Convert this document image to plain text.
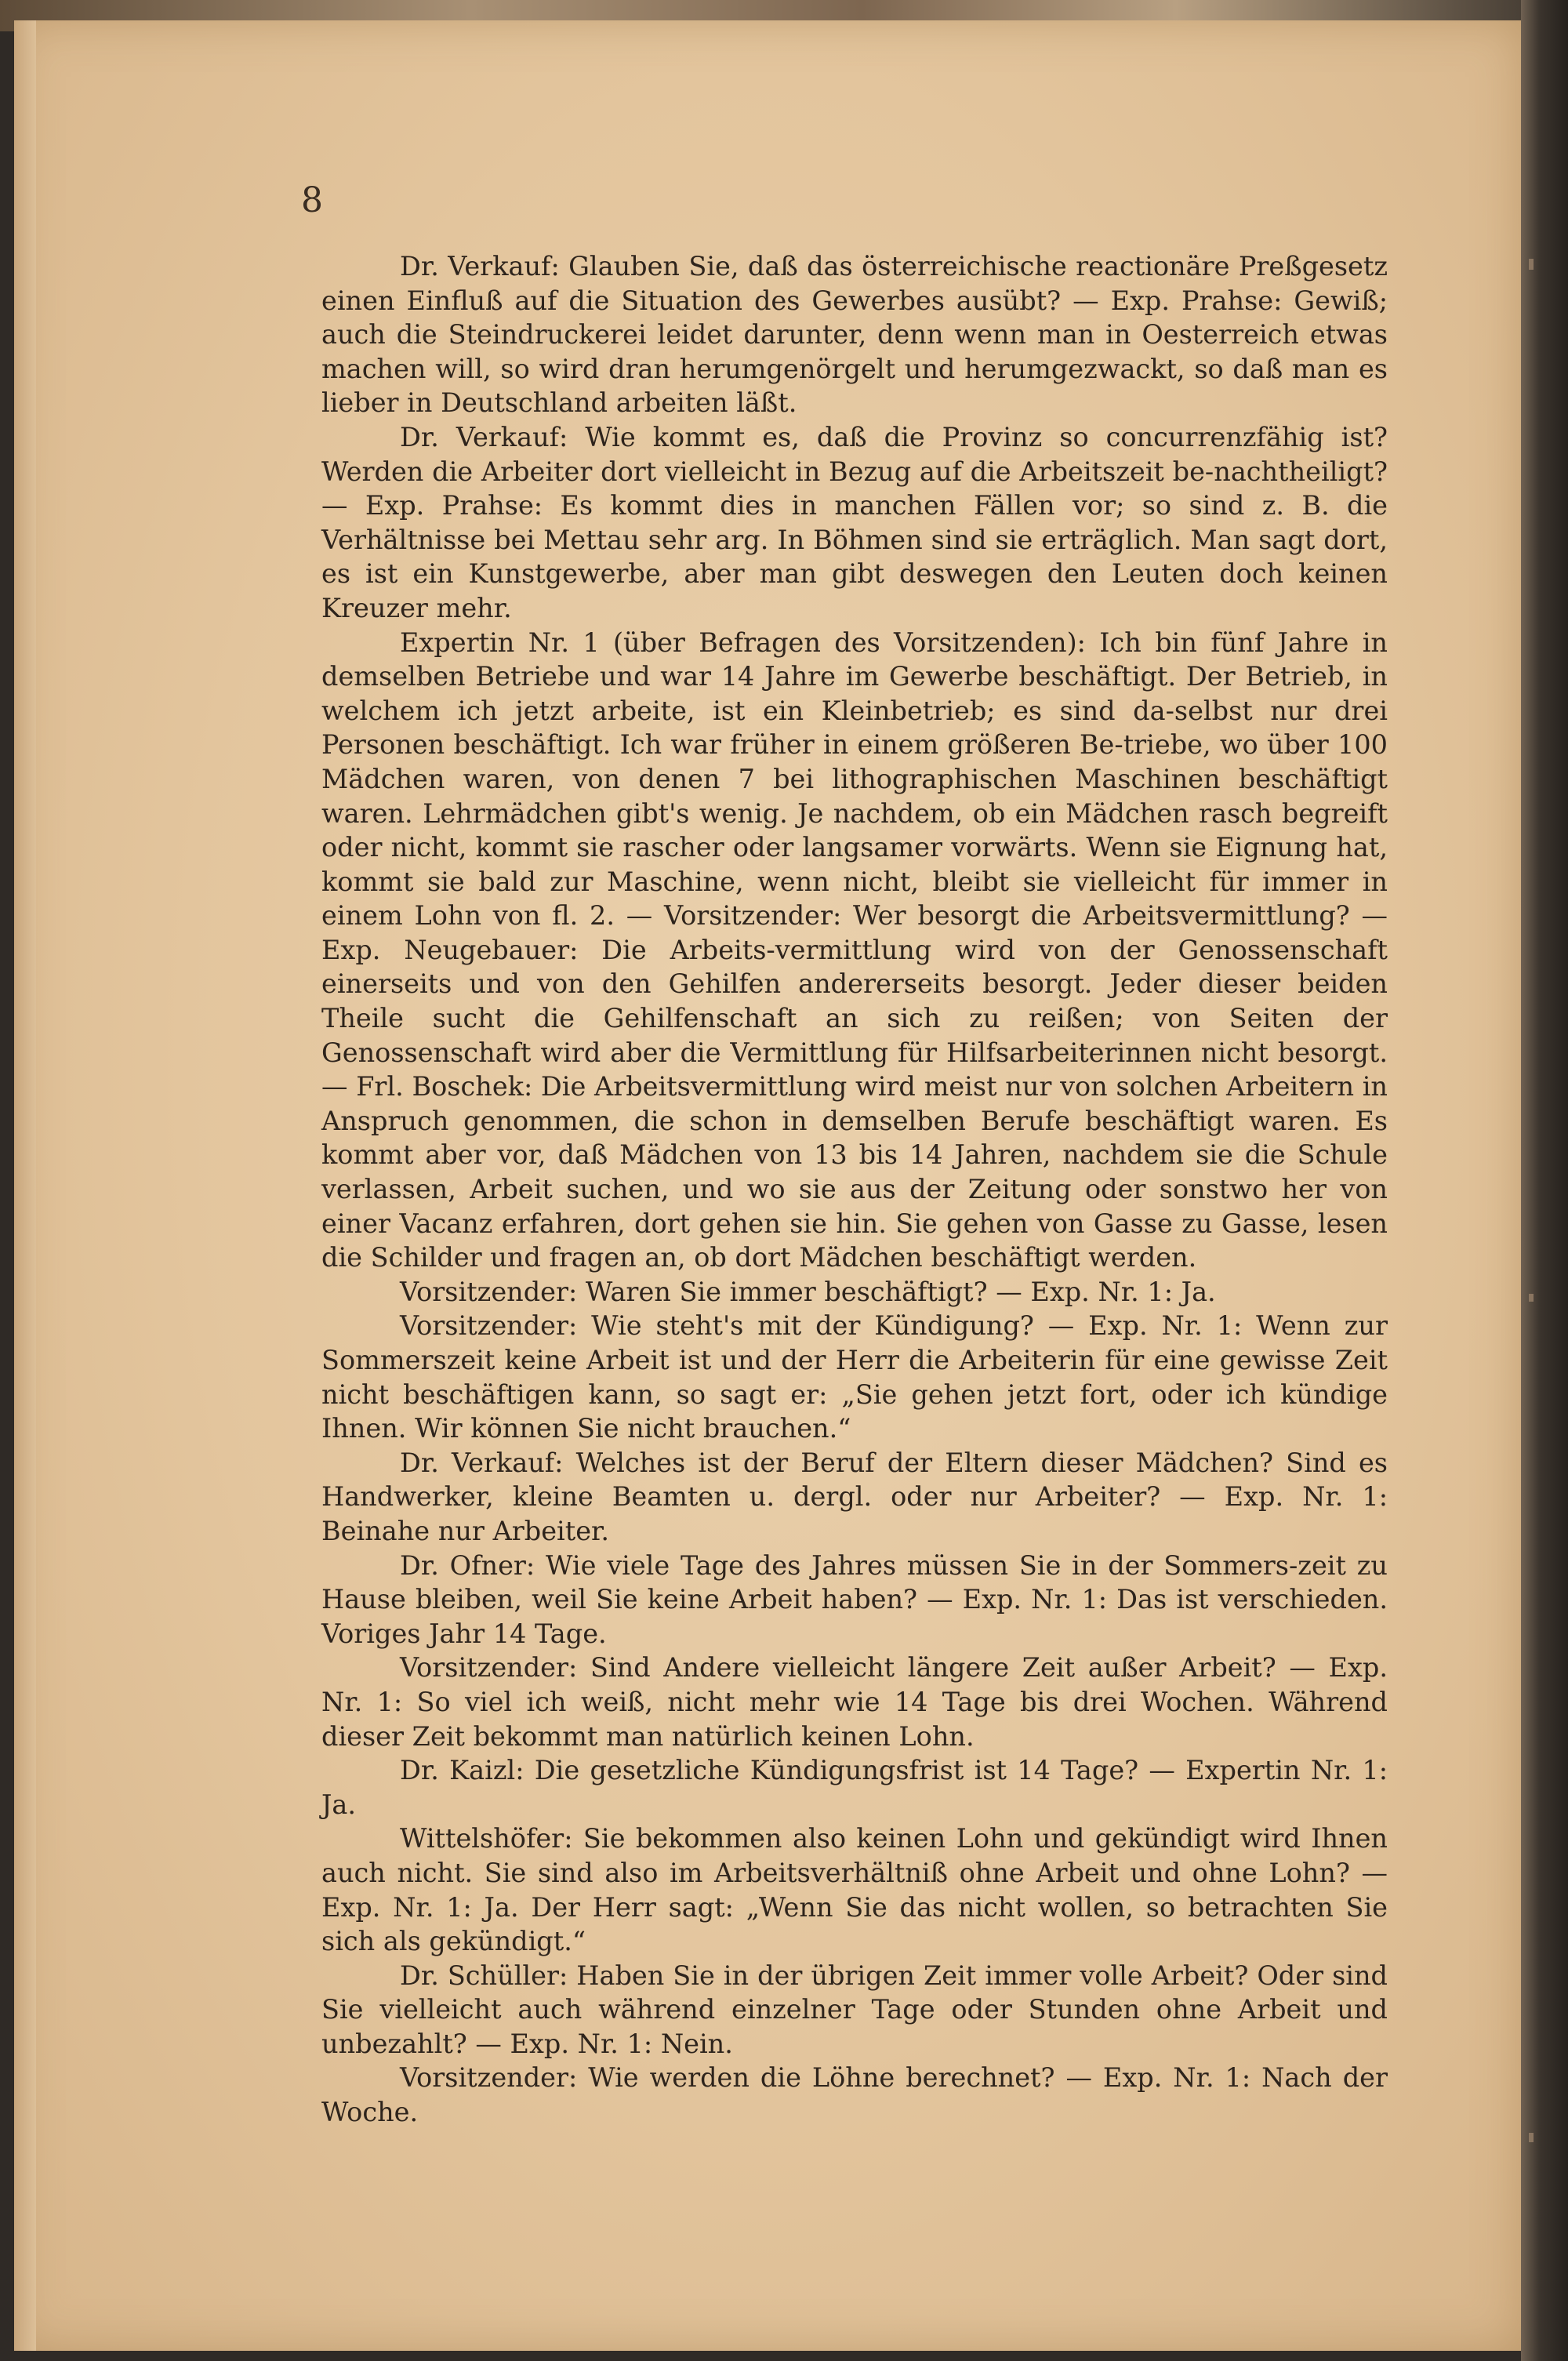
8

Dr. Verkauf: Glauben Sie, daß das österreichische reactionäre Preßgesetz einen Einfluß auf die Situation des Gewerbes ausübt? — Exp. Prahse: Gewiß; auch die Steindruckerei leidet darunter, denn wenn man in Oesterreich etwas machen will, so wird dran herumgenörgelt und herumgezwackt, so daß man es lieber in Deutschland arbeiten läßt.

Dr. Verkauf: Wie kommt es, daß die Provinz so concurrenzfähig ist? Werden die Arbeiter dort vielleicht in Bezug auf die Arbeitszeit be-nachtheiligt? — Exp. Prahse: Es kommt dies in manchen Fällen vor; so sind z. B. die Verhältnisse bei Mettau sehr arg. In Böhmen sind sie erträglich. Man sagt dort, es ist ein Kunstgewerbe, aber man gibt deswegen den Leuten doch keinen Kreuzer mehr.

Expertin Nr. 1 (über Befragen des Vorsitzenden): Ich bin fünf Jahre in demselben Betriebe und war 14 Jahre im Gewerbe beschäftigt. Der Betrieb, in welchem ich jetzt arbeite, ist ein Kleinbetrieb; es sind da-selbst nur drei Personen beschäftigt. Ich war früher in einem größeren Be-triebe, wo über 100 Mädchen waren, von denen 7 bei lithographischen Maschinen beschäftigt waren. Lehrmädchen gibt's wenig. Je nachdem, ob ein Mädchen rasch begreift oder nicht, kommt sie rascher oder langsamer vorwärts. Wenn sie Eignung hat, kommt sie bald zur Maschine, wenn nicht, bleibt sie vielleicht für immer in einem Lohn von fl. 2. — Vorsitzender: Wer besorgt die Arbeitsvermittlung? — Exp. Neugebauer: Die Arbeits-vermittlung wird von der Genossenschaft einerseits und von den Gehilfen andererseits besorgt. Jeder dieser beiden Theile sucht die Gehilfenschaft an sich zu reißen; von Seiten der Genossenschaft wird aber die Vermittlung für Hilfsarbeiterinnen nicht besorgt. — Frl. Boschek: Die Arbeitsvermittlung wird meist nur von solchen Arbeitern in Anspruch genommen, die schon in demselben Berufe beschäftigt waren. Es kommt aber vor, daß Mädchen von 13 bis 14 Jahren, nachdem sie die Schule verlassen, Arbeit suchen, und wo sie aus der Zeitung oder sonstwo her von einer Vacanz erfahren, dort gehen sie hin. Sie gehen von Gasse zu Gasse, lesen die Schilder und fragen an, ob dort Mädchen beschäftigt werden.

Vorsitzender: Waren Sie immer beschäftigt? — Exp. Nr. 1: Ja.

Vorsitzender: Wie steht's mit der Kündigung? — Exp. Nr. 1: Wenn zur Sommerszeit keine Arbeit ist und der Herr die Arbeiterin für eine gewisse Zeit nicht beschäftigen kann, so sagt er: „Sie gehen jetzt fort, oder ich kündige Ihnen. Wir können Sie nicht brauchen.“

Dr. Verkauf: Welches ist der Beruf der Eltern dieser Mädchen? Sind es Handwerker, kleine Beamten u. dergl. oder nur Arbeiter? — Exp. Nr. 1: Beinahe nur Arbeiter.

Dr. Ofner: Wie viele Tage des Jahres müssen Sie in der Sommers-zeit zu Hause bleiben, weil Sie keine Arbeit haben? — Exp. Nr. 1: Das ist verschieden. Voriges Jahr 14 Tage.

Vorsitzender: Sind Andere vielleicht längere Zeit außer Arbeit? — Exp. Nr. 1: So viel ich weiß, nicht mehr wie 14 Tage bis drei Wochen. Während dieser Zeit bekommt man natürlich keinen Lohn.

Dr. Kaizl: Die gesetzliche Kündigungsfrist ist 14 Tage? — Expertin Nr. 1: Ja.

Wittelshöfer: Sie bekommen also keinen Lohn und gekündigt wird Ihnen auch nicht. Sie sind also im Arbeitsverhältniß ohne Arbeit und ohne Lohn? — Exp. Nr. 1: Ja. Der Herr sagt: „Wenn Sie das nicht wollen, so betrachten Sie sich als gekündigt.“

Dr. Schüller: Haben Sie in der übrigen Zeit immer volle Arbeit? Oder sind Sie vielleicht auch während einzelner Tage oder Stunden ohne Arbeit und unbezahlt? — Exp. Nr. 1: Nein.

Vorsitzender: Wie werden die Löhne berechnet? — Exp. Nr. 1: Nach der Woche.
